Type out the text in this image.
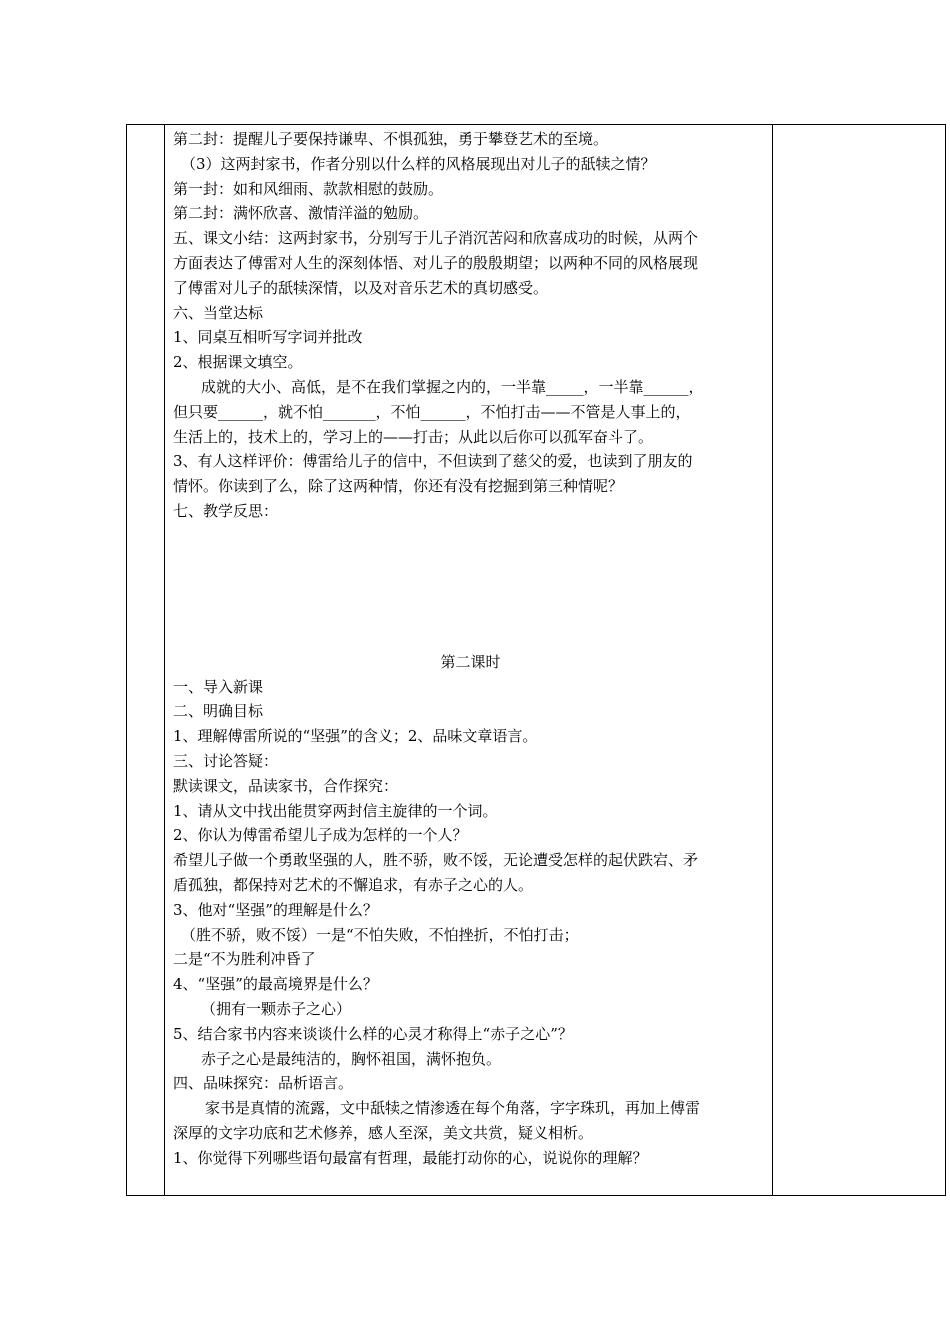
第二封：提醒儿子要保持谦卑、不惧孤独，勇于攀登艺术的至境。
（3）这两封家书，作者分别以什么样的风格展现出对儿子的舐犊之情？
第一封：如和风细雨、款款相慰的鼓励。
第二封：满怀欣喜、激情洋溢的勉励。
五、课文小结：这两封家书，分别写于儿子消沉苦闷和欣喜成功的时候，从两个
方面表达了傅雷对人生的深刻体悟、对儿子的殷殷期望；以两种不同的风格展现
了傅雷对儿子的舐犊深情，以及对音乐艺术的真切感受。
六、当堂达标
1、同桌互相听写字词并批改
2、根据课文填空。
成就的大小、高低，是不在我们掌握之内的，一半靠_____，一半靠______，
但只要______，就不怕_______，不怕______，不怕打击——不管是人事上的，
生活上的，技术上的，学习上的——打击；从此以后你可以孤军奋斗了。
3、有人这样评价：傅雷给儿子的信中，不但读到了慈父的爱，也读到了朋友的
情怀。你读到了么，除了这两种情，你还有没有挖掘到第三种情呢？
七、教学反思：
第二课时
一、导入新课
二、明确目标
1、理解傅雷所说的“坚强”的含义；2、品味文章语言。
三、讨论答疑：
默读课文，品读家书，合作探究：
1、请从文中找出能贯穿两封信主旋律的一个词。
2、你认为傅雷希望儿子成为怎样的一个人？
希望儿子做一个勇敢坚强的人，胜不骄，败不馁，无论遭受怎样的起伏跌宕、矛
盾孤独，都保持对艺术的不懈追求，有赤子之心的人。
3、他对“坚强”的理解是什么？
（胜不骄，败不馁）一是“不怕失败，不怕挫折，不怕打击；
二是“不为胜利冲昏了
4、“坚强”的最高境界是什么？
（拥有一颗赤子之心）
5、结合家书内容来谈谈什么样的心灵才称得上“赤子之心”？
赤子之心是最纯洁的，胸怀祖国，满怀抱负。
四、品味探究：品析语言。
家书是真情的流露，文中舐犊之情渗透在每个角落，字字珠玑，再加上傅雷
深厚的文字功底和艺术修养，感人至深，美文共赏，疑义相析。
1、你觉得下列哪些语句最富有哲理，最能打动你的心，说说你的理解？
